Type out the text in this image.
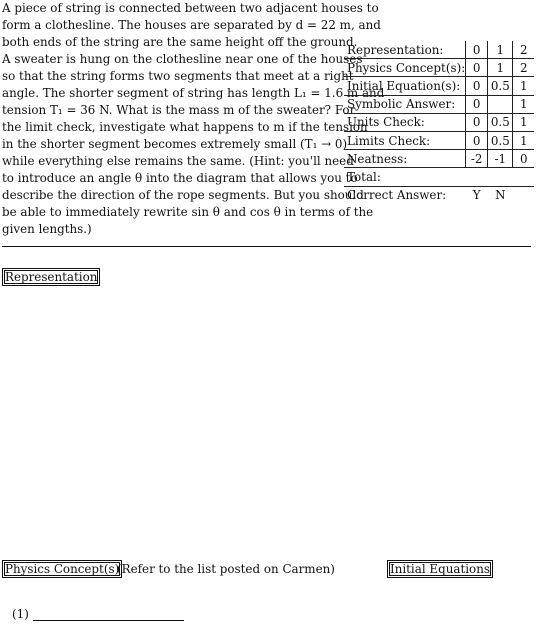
A piece of string is connected between two adjacent houses to
form a clothesline. The houses are separated by d = 22 m, and
both ends of the string are the same height off the ground.
A sweater is hung on the clothesline near one of the houses
so that the string forms two segments that meet at a right
angle. The shorter segment of string has length L₁ = 1.6 m and
tension T₁ = 36 N. What is the mass m of the sweater? For
the limit check, investigate what happens to m if the tension
in the shorter segment becomes extremely small (T₁ → 0)
while everything else remains the same. (Hint: you'll need
to introduce an angle θ into the diagram that allows you to
describe the direction of the rope segments. But you should
be able to immediately rewrite sin θ and cos θ in terms of the
given lengths.)
Representation:	0	1	2
Physics Concept(s):	0	1	2
Initial Equation(s):	0	0.5	1
Symbolic Answer:	0		1
Units Check:	0	0.5	1
Limits Check:	0	0.5	1
Neatness:	-2	-1	0
Total:			
Correct Answer:	Y	N	
Representation
Physics Concept(s)
(Refer to the list posted on Carmen)	Initial Equations
(1)
